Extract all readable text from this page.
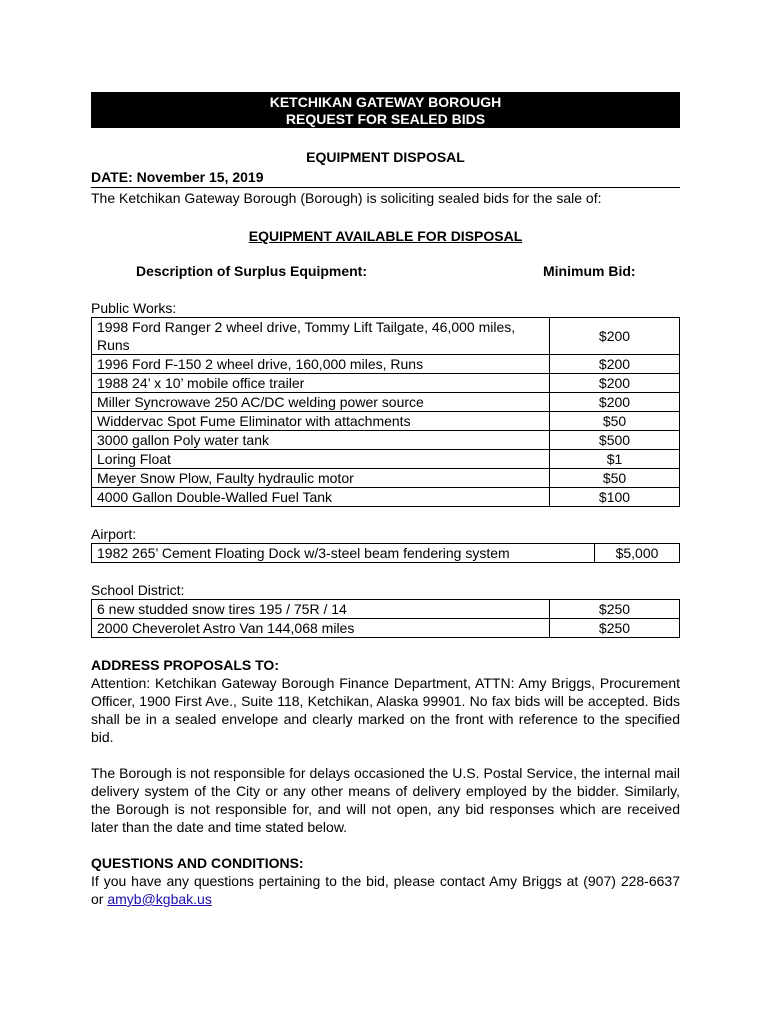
KETCHIKAN GATEWAY BOROUGH
REQUEST FOR SEALED BIDS
EQUIPMENT DISPOSAL
DATE: November 15, 2019
The Ketchikan Gateway Borough (Borough) is soliciting sealed bids for the sale of:
EQUIPMENT AVAILABLE FOR DISPOSAL
Description of Surplus Equipment:	Minimum Bid:
Public Works:
1998 Ford Ranger 2 wheel drive, Tommy Lift Tailgate, 46,000 miles, Runs	$200
1996 Ford F-150 2 wheel drive, 160,000 miles, Runs	$200
1988 24’ x 10’ mobile office trailer	$200
Miller Syncrowave 250 AC/DC welding power source	$200
Widdervac Spot Fume Eliminator with attachments	$50
3000 gallon Poly water tank	$500
Loring Float	$1
Meyer Snow Plow, Faulty hydraulic motor	$50
4000 Gallon Double-Walled Fuel Tank	$100
Airport:
1982 265’ Cement Floating Dock w/3-steel beam fendering system	$5,000
School District:
6 new studded snow tires 195 / 75R / 14	$250
2000 Cheverolet Astro Van 144,068 miles	$250
ADDRESS PROPOSALS TO:
Attention: Ketchikan Gateway Borough Finance Department, ATTN: Amy Briggs, Procurement Officer, 1900 First Ave., Suite 118, Ketchikan, Alaska 99901. No fax bids will be accepted. Bids shall be in a sealed envelope and clearly marked on the front with reference to the specified bid.
The Borough is not responsible for delays occasioned the U.S. Postal Service, the internal mail delivery system of the City or any other means of delivery employed by the bidder. Similarly, the Borough is not responsible for, and will not open, any bid responses which are received later than the date and time stated below.
QUESTIONS AND CONDITIONS:
If you have any questions pertaining to the bid, please contact Amy Briggs at (907) 228-6637 or amyb@kgbak.us
